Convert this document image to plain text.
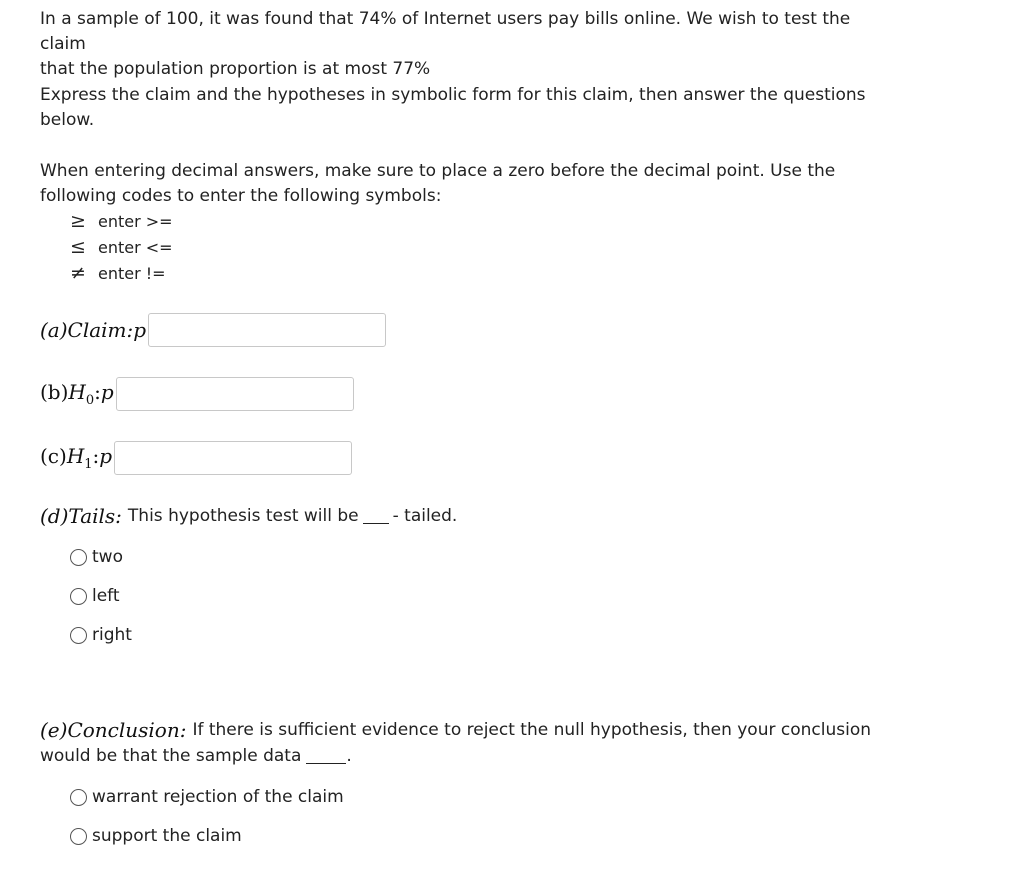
In a sample of 100, it was found that 74% of Internet users pay bills online. We wish to test the claim
that the population proportion is at most 77%
Express the claim and the hypotheses in symbolic form for this claim, then answer the questions
below.
When entering decimal answers, make sure to place a zero before the decimal point. Use the
following codes to enter the following symbols:
≥ enter >=
≤ enter <=
≠ enter !=
(a)Claim:p
$(b)H_0:p$
$(c)H_1:p$
(d)Tails: This hypothesis test will be - tailed.
two
left
right
(e)Conclusion: If there is sufficient evidence to reject the null hypothesis, then your conclusion
would be that the sample data	.
warrant rejection of the claim
support the claim
